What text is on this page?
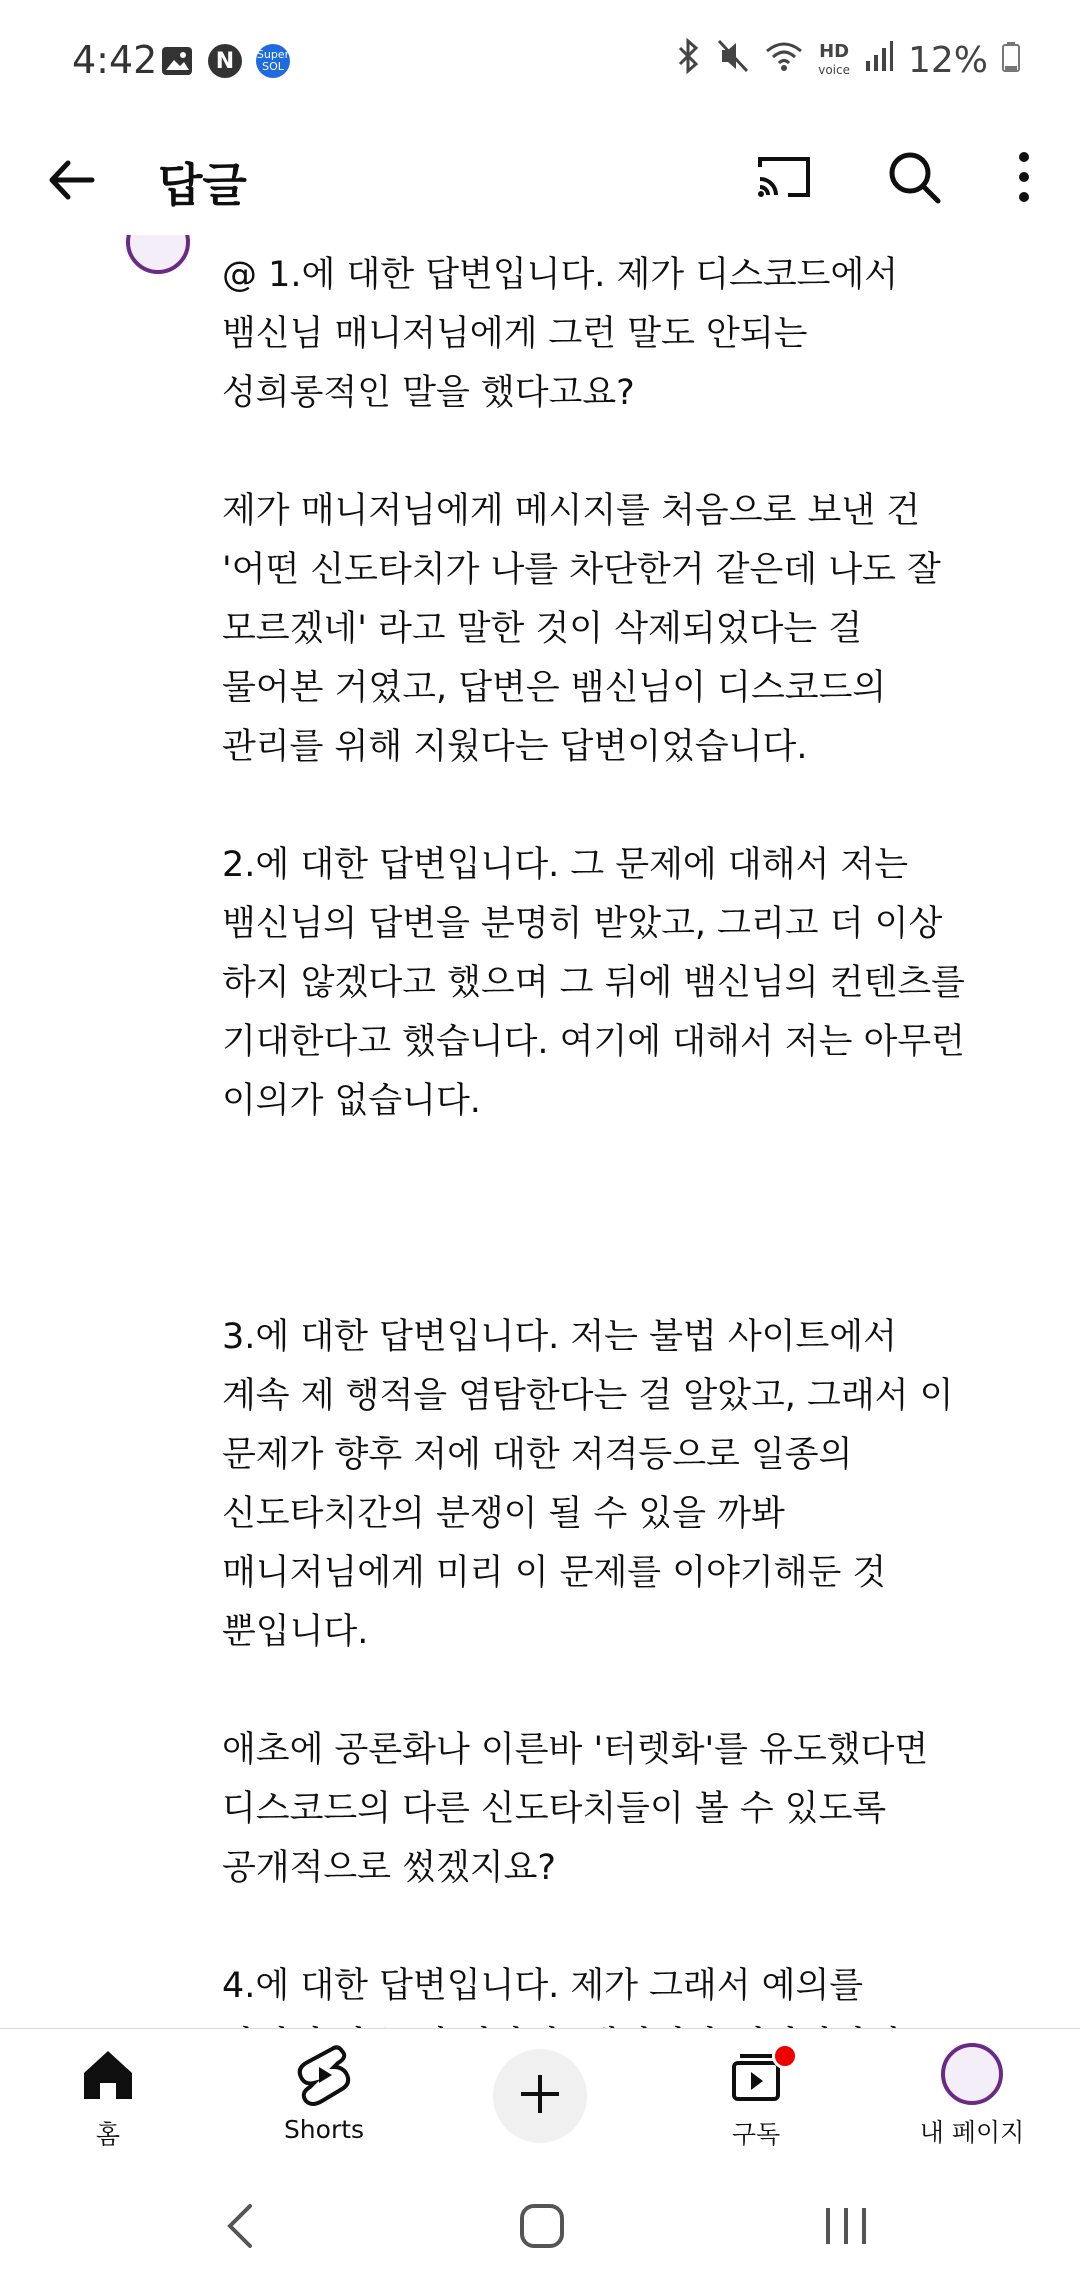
4:42	N	Super SOL
HD
voice 12%
답글
@ 1.에 대한 답변입니다. 제가 디스코드에서
뱀신님 매니저님에게 그런 말도 안되는
성희롱적인 말을 했다고요?

제가 매니저님에게 메시지를 처음으로 보낸 건
'어떤 신도타치가 나를 차단한거 같은데 나도 잘
모르겠네' 라고 말한 것이 삭제되었다는 걸
물어본 거였고, 답변은 뱀신님이 디스코드의
관리를 위해 지웠다는 답변이었습니다.

2.에 대한 답변입니다. 그 문제에 대해서 저는
뱀신님의 답변을 분명히 받았고, 그리고 더 이상
하지 않겠다고 했으며 그 뒤에 뱀신님의 컨텐츠를
기대한다고 했습니다. 여기에 대해서 저는 아무런
이의가 없습니다.

3.에 대한 답변입니다. 저는 불법 사이트에서
계속 제 행적을 염탐한다는 걸 알았고, 그래서 이
문제가 향후 저에 대한 저격등으로 일종의
신도타치간의 분쟁이 될 수 있을 까봐
매니저님에게 미리 이 문제를 이야기해둔 것
뿐입니다.

애초에 공론화나 이른바 '터렛화'를 유도했다면
디스코드의 다른 신도타치들이 볼 수 있도록
공개적으로 썼겠지요?

4.에 대한 답변입니다. 제가 그래서 예의를

홈	Shorts	구독	내 페이지
